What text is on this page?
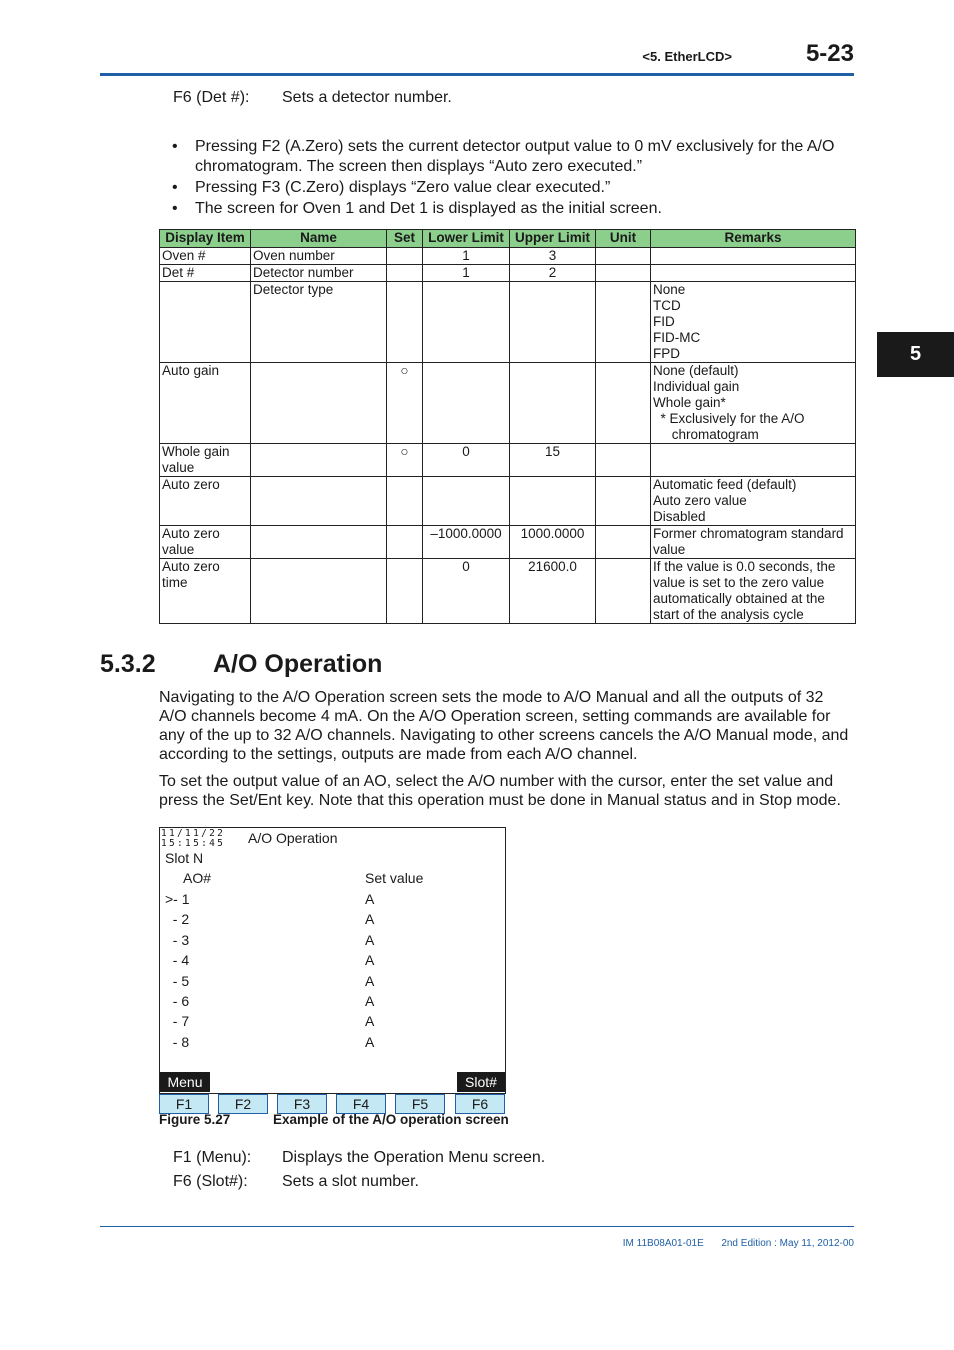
<5. EtherLCD>	5-23
5
F6 (Det #): Sets a detector number.
• Pressing F2 (A.Zero) sets the current detector output value to 0 mV exclusively for the A/O chromatogram. The screen then displays “Auto zero executed.”
• Pressing F3 (C.Zero) displays “Zero value clear executed.”
• The screen for Oven 1 and Det 1 is displayed as the initial screen.
Display Item	Name	Set	Lower Limit	Upper Limit	Unit	Remarks

Oven #	Oven number		1	3		

Det #	Detector number		1	2		

	Detector type					None
TCD
FID
FID-MC
FPD

Auto gain		○				None (default)
Individual gain
Whole gain*
* Exclusively for the A/O
chromatogram

Whole gain
value		○	0	15		

Auto zero						Automatic feed (default)
Auto zero value
Disabled

Auto zero
value			–1000.0000	1000.0000		Former chromatogram standard
value

Auto zero
time			0	21600.0		If the value is 0.0 seconds, the
value is set to the zero value
automatically obtained at the
start of the analysis cycle
5.3.2 A/O Operation
Navigating to the A/O Operation screen sets the mode to A/O Manual and all the outputs of 32
A/O channels become 4 mA. On the A/O Operation screen, setting commands are available for
any of the up to 32 A/O channels. Navigating to other screens cancels the A/O Manual mode, and
according to the settings, outputs are made from each A/O channel.
To set the output value of an AO, select the A/O number with the cursor, enter the set value and
press the Set/Ent key. Note that this operation must be done in Manual status and in Stop mode.
11/11/22
15:15:45 A/O Operation
Slot N
AO#	Set value
>- 1	A
- 2	A
- 3	A
- 4	A
- 5	A
- 6	A
- 7	A
- 8	A
Menu	Slot#
F1	F2	F3	F4	F5	F6
Figure 5.27	Example of the A/O operation screen
F1 (Menu): Displays the Operation Menu screen.
F6 (Slot#): Sets a slot number.
IM 11B08A01-01E 2nd Edition : May 11, 2012-00
